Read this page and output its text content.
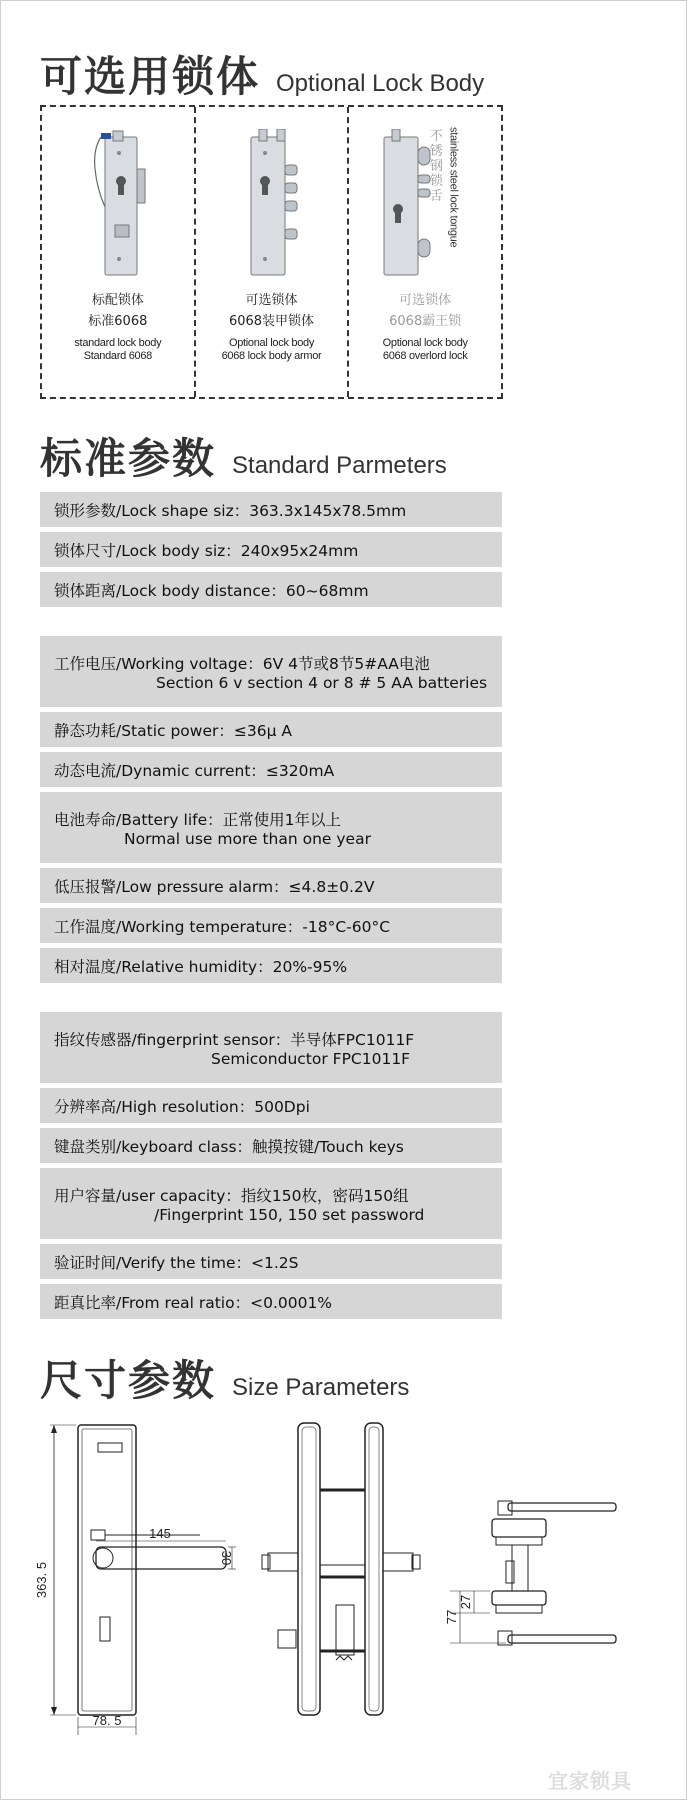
可选用锁体 Optional Lock Body
标配锁体
标准6068
standard lock body
Standard 6068
可选锁体
6068装甲锁体
Optional lock body
6068 lock body armor
不锈钢锁舌 stainless steel lock tongue
可选锁体
6068霸王锁
Optional lock body
6068 overlord lock
标准参数 Standard Parmeters
锁形参数/Lock shape siz：363.3x145x78.5mm
锁体尺寸/Lock body siz：240x95x24mm
锁体距离/Lock body distance：60~68mm
工作电压/Working voltage：6V 4节或8节5#AA电池
Section 6 v section 4 or 8 # 5 AA batteries
静态功耗/Static power：≤36µ A
动态电流/Dynamic current：≤320mA
电池寿命/Battery life：正常使用1年以上
Normal use more than one year
低压报警/Low pressure alarm：≤4.8±0.2V
工作温度/Working temperature：-18°C-60°C
相对温度/Relative humidity：20%-95%
指纹传感器/fingerprint sensor：半导体FPC1011F
Semiconductor FPC1011F
分辨率高/High resolution：500Dpi
键盘类别/keyboard class：触摸按键/Touch keys
用户容量/user capacity：指纹150枚，密码150组
/Fingerprint 150, 150 set password
验证时间/Verify the time：<1.2S
距真比率/From real ratio：<0.0001%
尺寸参数 Size Parameters
363. 5
145
30
78. 5
27
77
宜家锁具
